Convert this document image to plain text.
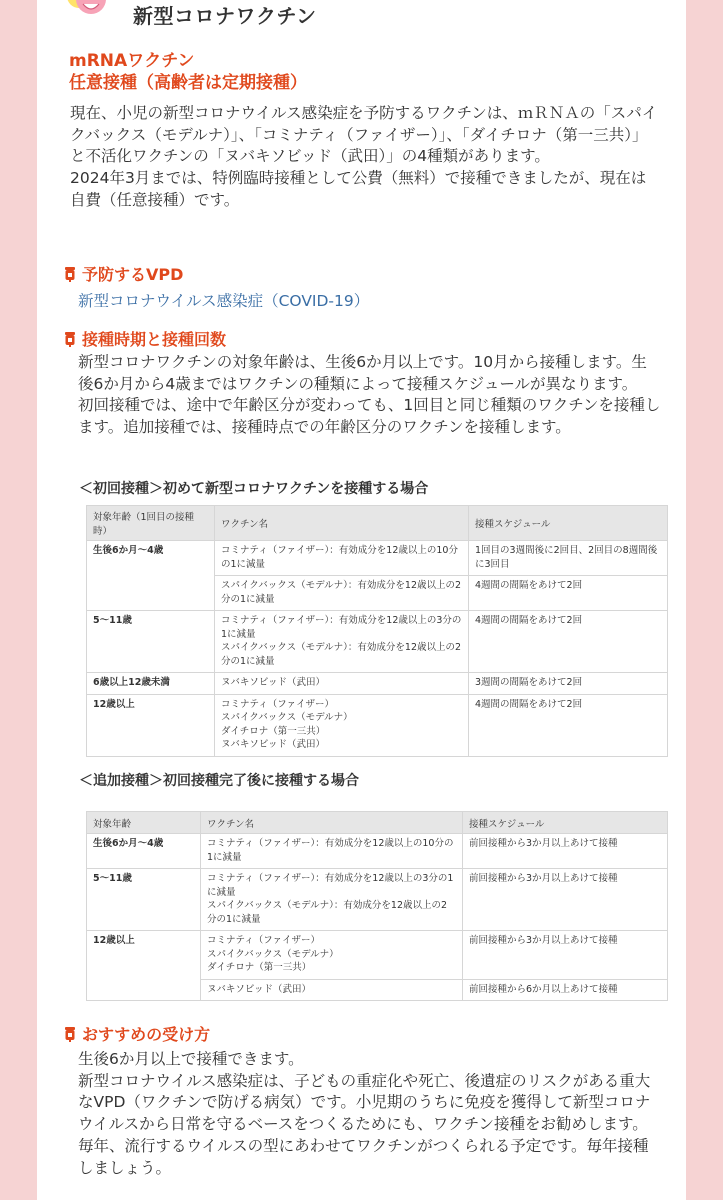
新型コロナワクチン
mRNAワクチン
任意接種（高齢者は定期接種）

現在、小児の新型コロナウイルス感染症を予防するワクチンは、ｍＲＮＡの「スパイクバックス（モデルナ）」、「コミナティ（ファイザー）」、「ダイチロナ（第一三共）」と不活化ワクチンの「ヌバキソビッド（武田）」の4種類があります。

2024年3月までは、特例臨時接種として公費（無料）で接種できましたが、現在は自費（任意接種）です。

予防するVPD
新型コロナウイルス感染症（COVID-19）
接種時期と接種回数

新型コロナワクチンの対象年齢は、生後6か月以上です。10月から接種します。生後6か月から4歳まではワクチンの種類によって接種スケジュールが異なります。

初回接種では、途中で年齢区分が変わっても、1回目と同じ種類のワクチンを接種します。追加接種では、接種時点での年齢区分のワクチンを接種します。

＜初回接種＞初めて新型コロナワクチンを接種する場合
対象年齢（1回目の接種時）	ワクチン名	接種スケジュール
生後6か月〜4歳	コミナティ（ファイザー）：有効成分を12歳以上の10分の1に減量	1回目の3週間後に2回目、2回目の8週間後に3回目
	スパイクバックス（モデルナ）：有効成分を12歳以上の2分の1に減量	4週間の間隔をあけて2回
5〜11歳	コミナティ（ファイザー）：有効成分を12歳以上の3分の1に減量
スパイクバックス（モデルナ）：有効成分を12歳以上の2分の1に減量	4週間の間隔をあけて2回
6歳以上12歳未満	ヌバキソビッド（武田）	3週間の間隔をあけて2回
12歳以上	コミナティ（ファイザー）
スパイクバックス（モデルナ）
ダイチロナ（第一三共）
ヌバキソビッド（武田）	4週間の間隔をあけて2回
＜追加接種＞初回接種完了後に接種する場合
対象年齢	ワクチン名	接種スケジュール
生後6か月〜4歳	コミナティ（ファイザー）：有効成分を12歳以上の10分の1に減量	前回接種から3か月以上あけて接種
5〜11歳	コミナティ（ファイザー）：有効成分を12歳以上の3分の1に減量
スパイクバックス（モデルナ）：有効成分を12歳以上の2分の1に減量	前回接種から3か月以上あけて接種
12歳以上	コミナティ（ファイザー）
スパイクバックス（モデルナ）
ダイチロナ（第一三共）	前回接種から3か月以上あけて接種
	ヌバキソビッド（武田）	前回接種から6か月以上あけて接種
おすすめの受け方

生後6か月以上で接種できます。

新型コロナウイルス感染症は、子どもの重症化や死亡、後遺症のリスクがある重大なVPD（ワクチンで防げる病気）です。小児期のうちに免疫を獲得して新型コロナウイルスから日常を守るベースをつくるためにも、ワクチン接種をお勧めします。

毎年、流行するウイルスの型にあわせてワクチンがつくられる予定です。毎年接種しましょう。
